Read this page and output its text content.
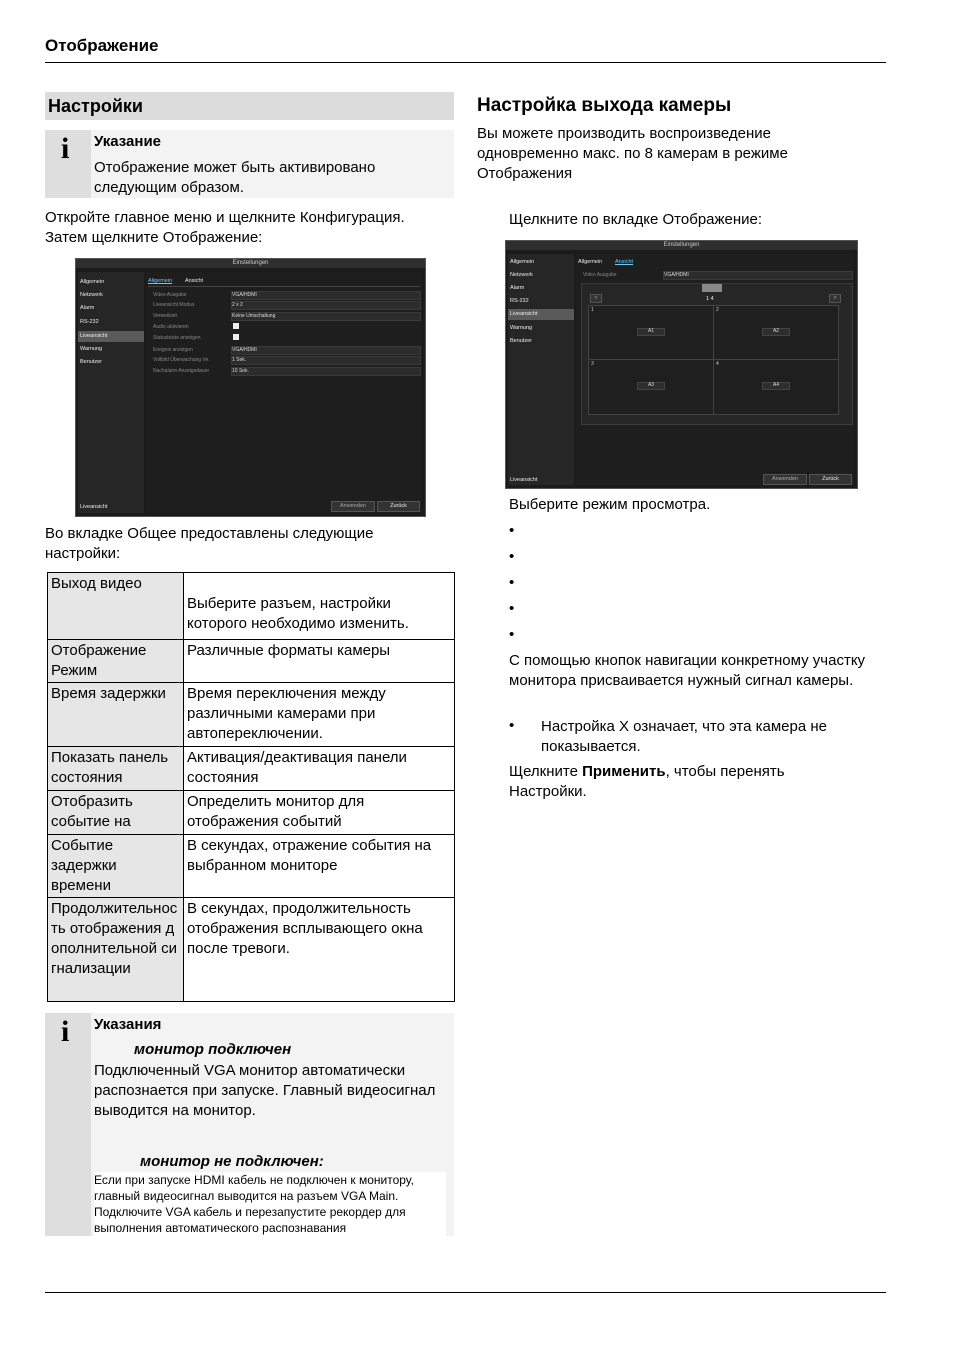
Отображение
Настройки
i Указание
Отображение может быть активировано следующим образом.
Откройте главное меню и щелкните Конфигурация. Затем щелкните Отображение:
Einstellungen
Allgemein
Netzwerk
Alarm
RS-232
Liveansicht
Warnung
Benutzer
Liveansicht
Allgemein Ansicht
Video Ausgabe	VGA/HDMI
Liveansicht Modus	2 x 2
Verweilzeit	Keine Umschaltung
Audio aktivieren
Statusleiste anzeigen
Ereignis anzeigen	VGA/HDMI
Vollbild Überwachung Ve.	1 Sek.
Nachalarm Anzeigedauer	10 Sek.
Anwenden	Zurück
Во вкладке Общее предоставлены следующие настройки:
Выход видео	Выберите разъем, настройки которого необходимо изменить.
Отображение Режим	Различные форматы камеры
Время задержки	Время переключения между различными камерами при автопереключении.
Показать панель состояния	Активация/деактивация панели состояния
Отобразить событие на	Определить монитор для отображения событий
Событие задержки времени	В секундах, отражение события на выбранном мониторе
Продолжительность отображения дополнительной сигнализации	В секундах, продолжительность отображения всплывающего окна после тревоги.
i Указания
монитор подключен
Подключенный VGA монитор автоматически распознается при запуске. Главный видеосигнал выводится на монитор.
монитор не подключен:
Если при запуске HDMI кабель не подключен к монитору, главный видеосигнал выводится на разъем VGA Main. Подключите VGA кабель и перезапустите рекордер для выполнения автоматического распознавания
Настройка выхода камеры
Вы можете производить воспроизведение одновременно макс. по 8 камерам в режиме Отображения
Щелкните по вкладке Отображение:
Einstellungen
Allgemein
Netzwerk
Alarm
RS-232
Liveansicht
Warnung
Benutzer
Liveansicht
Allgemein Ansicht
Video Ausgabe	VGA/HDMI
<	1 4	>
1
A1
2
A2
3
A3
4
A4
Anwenden	Zurück
Выберите режим просмотра.
•
•
•
•
•
С помощью кнопок навигации конкретному участку монитора присваивается нужный сигнал камеры.
• Настройка X означает, что эта камера не показывается.
Щелкните Применить, чтобы перенять Настройки.
